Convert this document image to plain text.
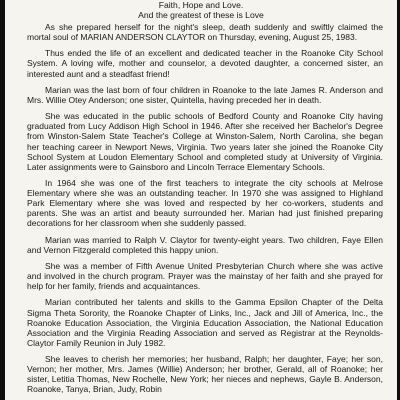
Faith, Hope and Love.
And the greatest of these is Love

As she prepared herself for the night's sleep, death suddenly and swiftly claimed the mortal soul of MARIAN ANDERSON CLAYTOR on Thursday, evening, August 25, 1983.

Thus ended the life of an excellent and dedicated teacher in the Roanoke City School System. A loving wife, mother and counselor, a devoted daughter, a concerned sister, an interested aunt and a steadfast friend!

Marian was the last born of four children in Roanoke to the late James R. Anderson and Mrs. Willie Otey Anderson; one sister, Quintella, having preceded her in death.

She was educated in the public schools of Bedford County and Roanoke City having graduated from Lucy Addison High School in 1946. After she received her Bachelor's Degree from Winston-Salem State Teacher's College at Winston-Salem, North Carolina, she began her teaching career in Newport News, Virginia. Two years later she joined the Roanoke City School System at Loudon Elementary School and completed study at University of Virginia. Later assignments were to Gainsboro and Lincoln Terrace Elementary Schools.

In 1964 she was one of the first teachers to integrate the city schools at Melrose Elementary where she was an outstanding teacher. In 1970 she was assigned to Highland Park Elementary where she was loved and respected by her co-workers, students and parents. She was an artist and beauty surrounded her. Marian had just finished preparing decorations for her classroom when she suddenly passed.

Marian was married to Ralph V. Claytor for twenty-eight years. Two children, Faye Ellen and Vernon Fitzgerald completed this happy union.

She was a member of Fifth Avenue United Presbyterian Church where she was active and involved in the church program. Prayer was the mainstay of her faith and she prayed for help for her family, friends and acquaintances.

Marian contributed her talents and skills to the Gamma Epsilon Chapter of the Delta Sigma Theta Sorority, the Roanoke Chapter of Links, Inc., Jack and Jill of America, Inc., the Roanoke Education Association, the Virginia Education Association, the National Education Association and the Virginia Reading Association and served as Registrar at the Reynolds-Claytor Family Reunion in July 1982.

She leaves to cherish her memories; her husband, Ralph; her daughter, Faye; her son, Vernon; her mother, Mrs. James (Willie) Anderson; her brother, Gerald, all of Roanoke; her sister, Letitia Thomas, New Rochelle, New York; her nieces and nephews, Gayle B. Anderson, Roanoke, Tanya, Brian, Judy, Robin
